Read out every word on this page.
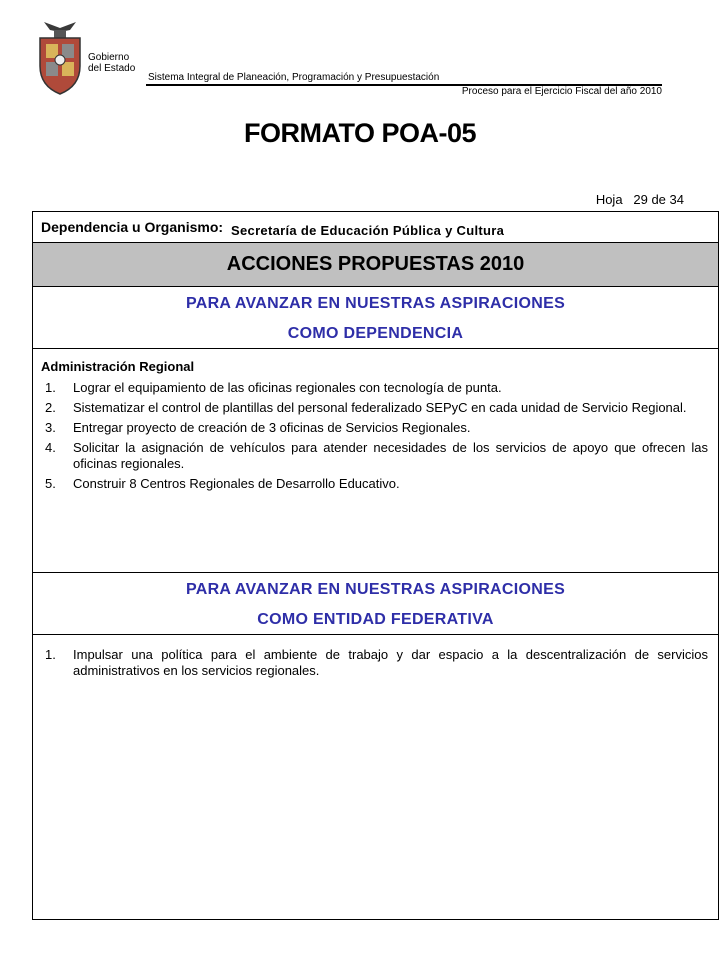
Gobierno
del Estado
Sistema Integral de Planeación, Programación y Presupuestación
Proceso para el Ejercicio Fiscal del año 2010
FORMATO POA-05
Hoja   29 de 34
Dependencia u Organismo: Secretaría de Educación Pública y Cultura
ACCIONES PROPUESTAS 2010
PARA AVANZAR EN NUESTRAS ASPIRACIONES
COMO DEPENDENCIA
Administración Regional
1.	Lograr el equipamiento de las oficinas regionales con tecnología de punta.
2.	Sistematizar el control de plantillas del personal federalizado SEPyC en cada unidad de Servicio Regional.
3.	Entregar proyecto de creación de 3 oficinas de Servicios Regionales.
4.	Solicitar la asignación de vehículos para atender necesidades de los servicios de apoyo que ofrecen las oficinas regionales.
5.	Construir 8 Centros Regionales de Desarrollo Educativo.
PARA AVANZAR EN NUESTRAS ASPIRACIONES
COMO ENTIDAD FEDERATIVA
1.	Impulsar una política para el ambiente de trabajo y dar espacio a la descentralización de servicios administrativos en los servicios regionales.
